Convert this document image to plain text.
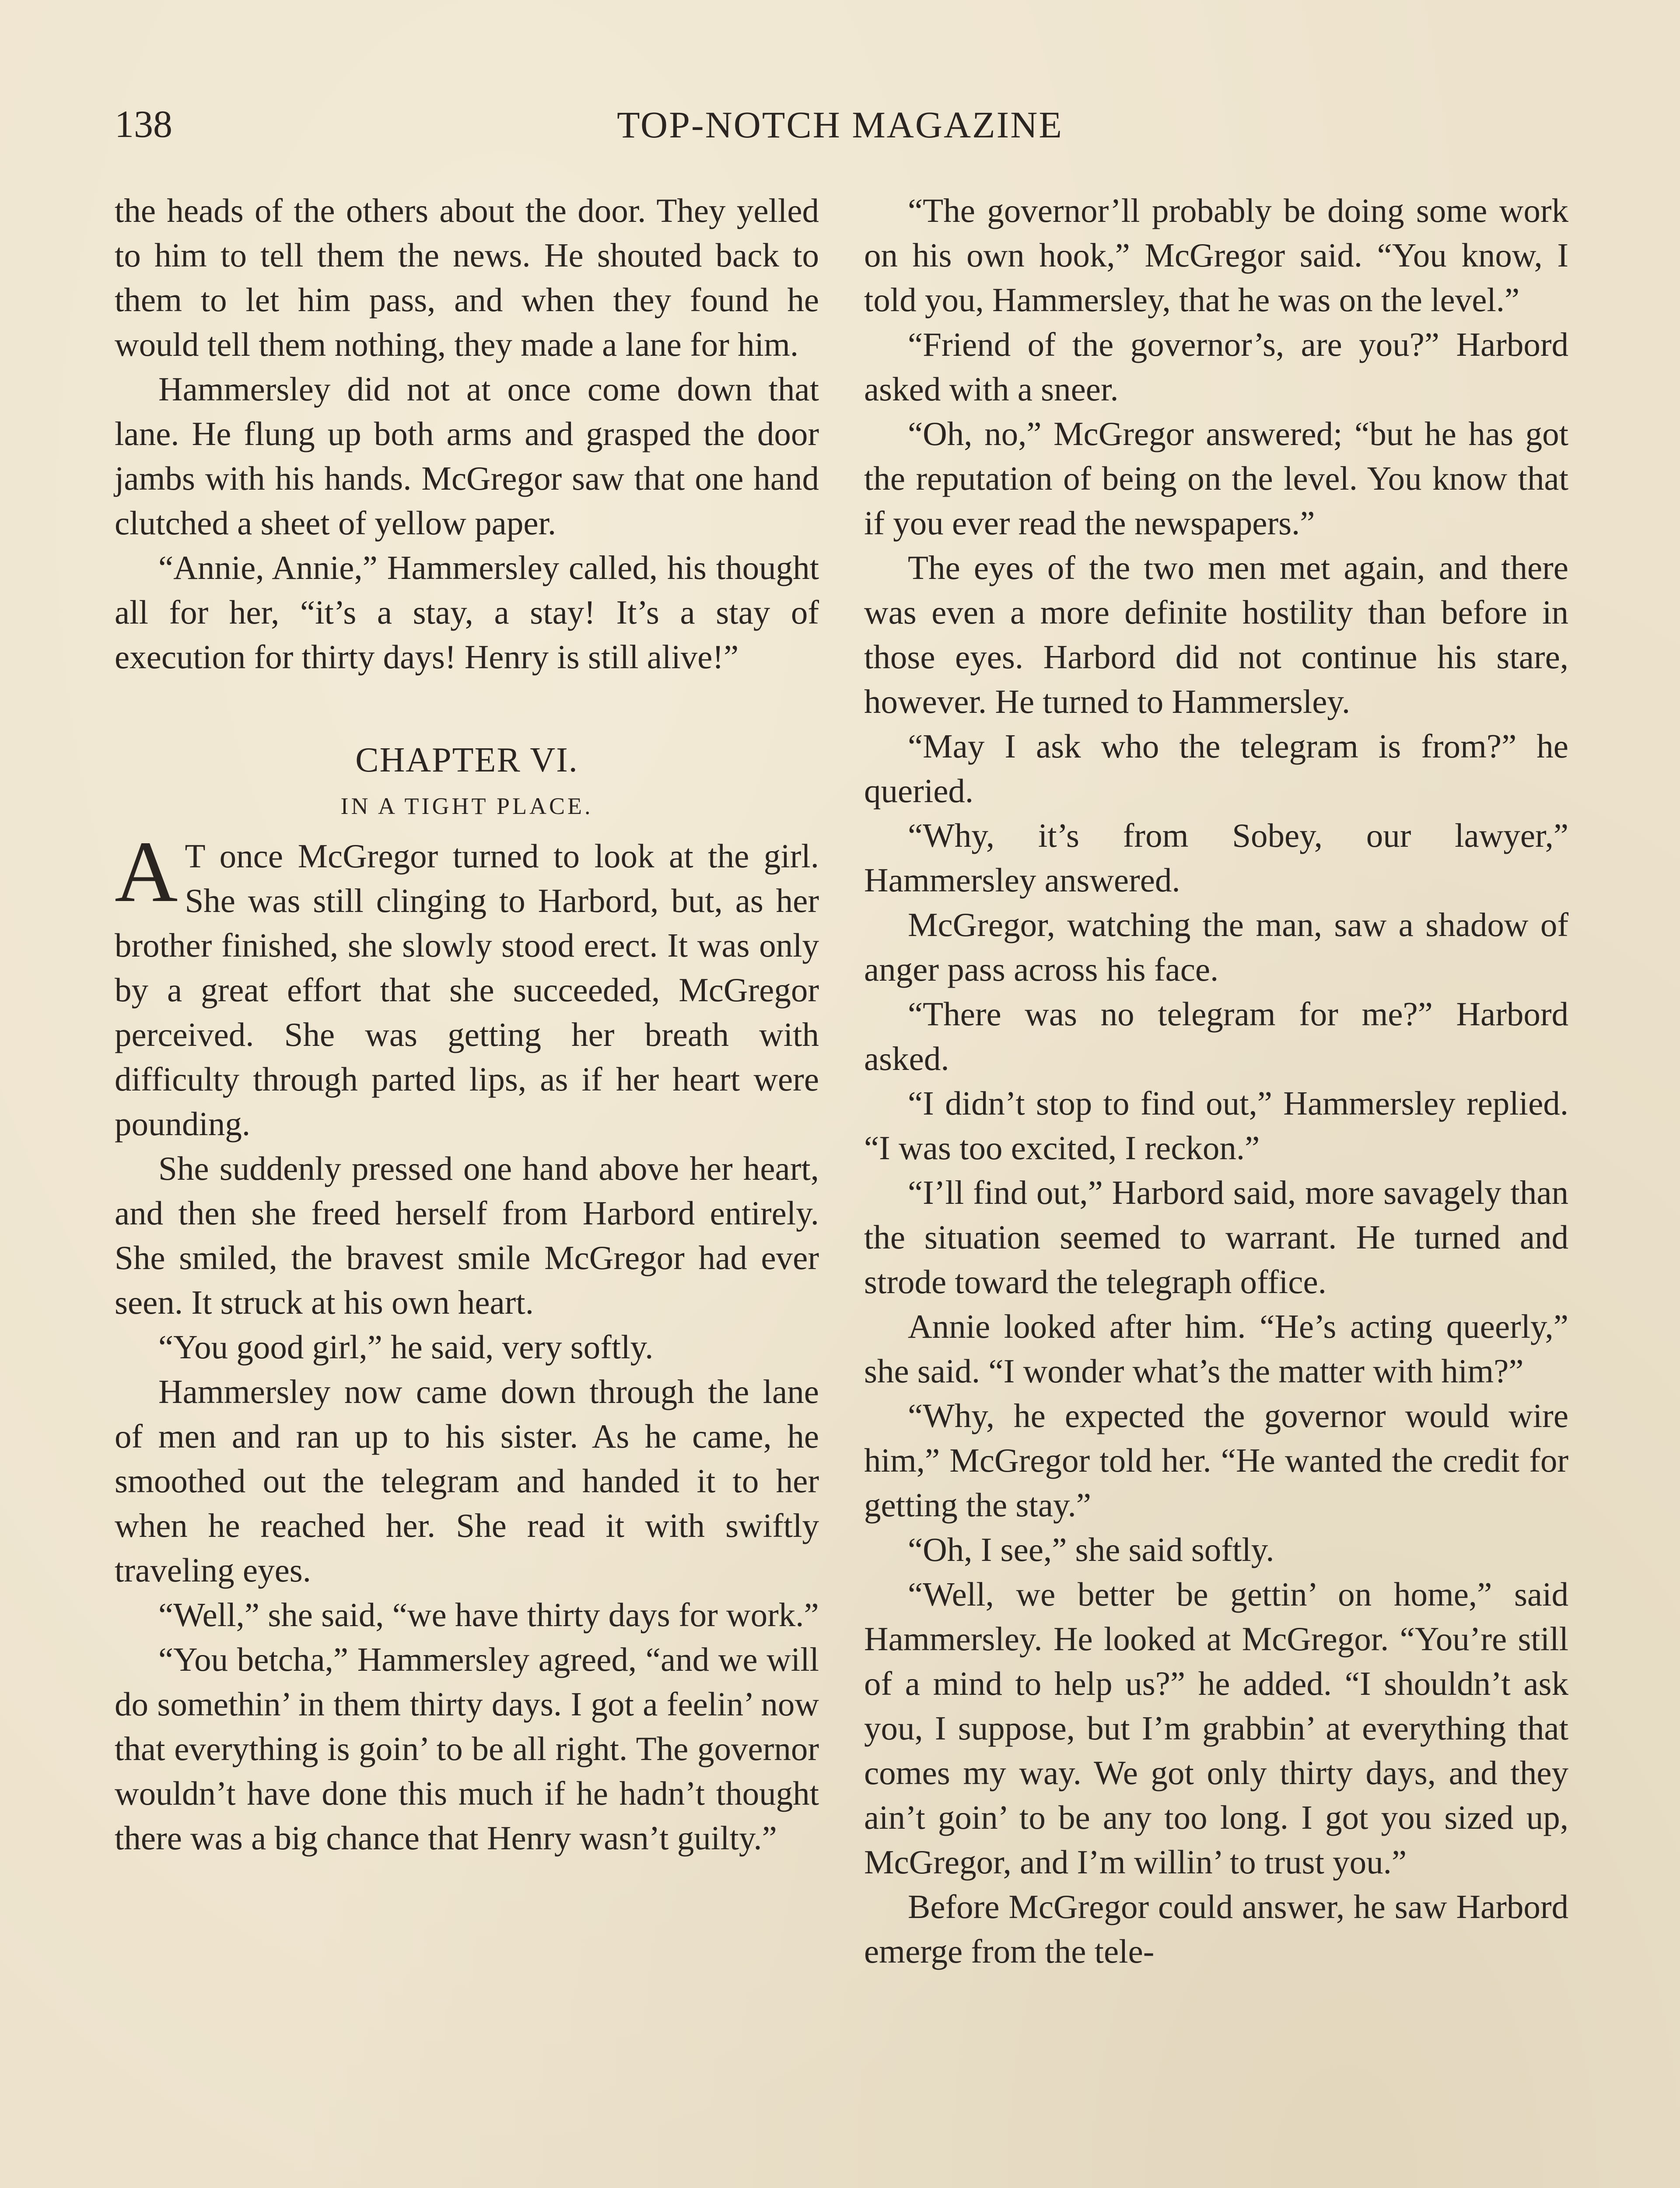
138	TOP-NOTCH MAGAZINE

the heads of the others about the door. They yelled to him to tell them the news. He shouted back to them to let him pass, and when they found he would tell them nothing, they made a lane for him.

Hammersley did not at once come down that lane. He flung up both arms and grasped the door jambs with his hands. McGregor saw that one hand clutched a sheet of yellow paper.

“Annie, Annie,” Hammersley called, his thought all for her, “it’s a stay, a stay! It’s a stay of execution for thirty days! Henry is still alive!”

CHAPTER VI.
IN A TIGHT PLACE.

A T once McGregor turned to look at the girl. She was still clinging to Harbord, but, as her brother finished, she slowly stood erect. It was only by a great effort that she succeeded, McGregor perceived. She was getting her breath with difficulty through parted lips, as if her heart were pounding.

She suddenly pressed one hand above her heart, and then she freed herself from Harbord entirely. She smiled, the bravest smile McGregor had ever seen. It struck at his own heart.

“You good girl,” he said, very softly.

Hammersley now came down through the lane of men and ran up to his sister. As he came, he smoothed out the telegram and handed it to her when he reached her. She read it with swiftly traveling eyes.

“Well,” she said, “we have thirty days for work.”

“You betcha,” Hammersley agreed, “and we will do somethin’ in them thirty days. I got a feelin’ now that everything is goin’ to be all right. The governor wouldn’t have done this much if he hadn’t thought there was a big chance that Henry wasn’t guilty.”

“The governor’ll probably be doing some work on his own hook,” McGregor said. “You know, I told you, Hammersley, that he was on the level.”

“Friend of the governor’s, are you?” Harbord asked with a sneer.

“Oh, no,” McGregor answered; “but he has got the reputation of being on the level. You know that if you ever read the newspapers.”

The eyes of the two men met again, and there was even a more definite hostility than before in those eyes. Harbord did not continue his stare, however. He turned to Hammersley.

“May I ask who the telegram is from?” he queried.

“Why, it’s from Sobey, our lawyer,” Hammersley answered.

McGregor, watching the man, saw a shadow of anger pass across his face.

“There was no telegram for me?” Harbord asked.

“I didn’t stop to find out,” Hammersley replied. “I was too excited, I reckon.”

“I’ll find out,” Harbord said, more savagely than the situation seemed to warrant. He turned and strode toward the telegraph office.

Annie looked after him. “He’s acting queerly,” she said. “I wonder what’s the matter with him?”

“Why, he expected the governor would wire him,” McGregor told her. “He wanted the credit for getting the stay.”

“Oh, I see,” she said softly.

“Well, we better be gettin’ on home,” said Hammersley. He looked at McGregor. “You’re still of a mind to help us?” he added. “I shouldn’t ask you, I suppose, but I’m grabbin’ at everything that comes my way. We got only thirty days, and they ain’t goin’ to be any too long. I got you sized up, McGregor, and I’m willin’ to trust you.”

Before McGregor could answer, he saw Harbord emerge from the tele-
